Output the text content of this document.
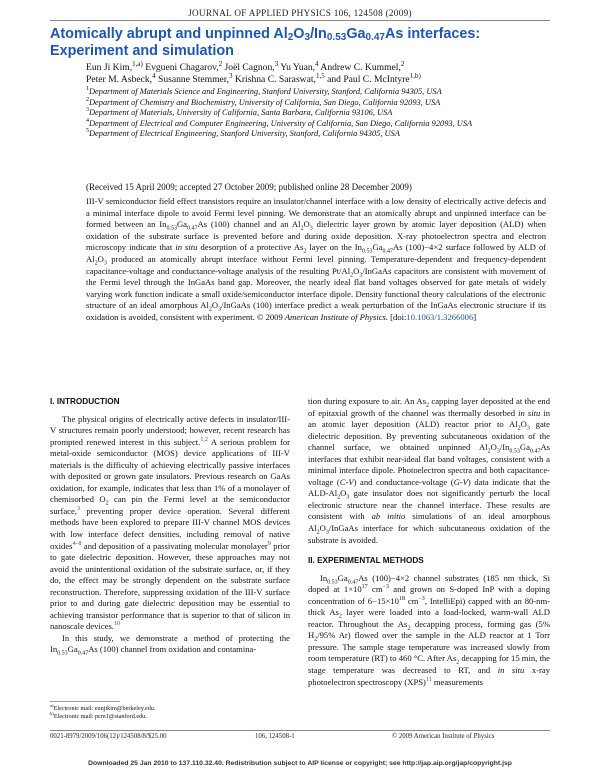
JOURNAL OF APPLIED PHYSICS 106, 124508 (2009)
Atomically abrupt and unpinned $Al_2O_3/In_{0.53}Ga_{0.47}As$ interfaces: Experiment and simulation
Eun Ji Kim,$^{1,a)}$ Evgueni Chagarov,$^2$ Joël Cagnon,$^3$ Yu Yuan,$^4$ Andrew C. Kummel,$^2$
Peter M. Asbeck,$^4$ Susanne Stemmer,$^3$ Krishna C. Saraswat,$^{1,5}$ and Paul C. McIntyre$^{1,b)}$
$^1$Department of Materials Science and Engineering, Stanford University, Stanford, California 94305, USA
$^2$Department of Chemistry and Biochemistry, University of California, San Diego, California 92093, USA
$^3$Department of Materials, University of California, Santa Barbara, California 93106, USA
$^4$Department of Electrical and Computer Engineering, University of California, San Diego, California 92093, USA
$^5$Department of Electrical Engineering, Stanford University, Stanford, California 94305, USA
(Received 15 April 2009; accepted 27 October 2009; published online 28 December 2009)
III-V semiconductor field effect transistors require an insulator/channel interface with a low density of electrically active defects and a minimal interface dipole to avoid Fermi level pinning. We demonstrate that an atomically abrupt and unpinned interface can be formed between an $In_{0.53}Ga_{0.47}As$ (100) channel and an $Al_2O_3$ dielectric layer grown by atomic layer deposition (ALD) when oxidation of the substrate surface is prevented before and during oxide deposition. X-ray photoelectron spectra and electron microscopy indicate that in situ desorption of a protective $As_2$ layer on the $In_{0.53}Ga_{0.47}As$ (100)−4×2 surface followed by ALD of $Al_2O_3$ produced an atomically abrupt interface without Fermi level pinning. Temperature-dependent and frequency-dependent capacitance-voltage and conductance-voltage analysis of the resulting $Pt/Al_2O_3$/InGaAs capacitors are consistent with movement of the Fermi level through the InGaAs band gap. Moreover, the nearly ideal flat band voltages observed for gate metals of widely varying work function indicate a small oxide/semiconductor interface dipole. Density functional theory calculations of the electronic structure of an ideal amorphous $Al_2O_3$/InGaAs (100) interface predict a weak perturbation of the InGaAs electronic structure if its oxidation is avoided, consistent with experiment. © 2009 American Institute of Physics. [doi:10.1063/1.3266006]
I. INTRODUCTION
The physical origins of electrically active defects in insulator/III-V structures remain poorly understood; however, recent research has prompted renewed interest in this subject.$^{1,2}$ A serious problem for metal-oxide semiconductor (MOS) device applications of III-V materials is the difficulty of achieving electrically passive interfaces with deposited or grown gate insulators. Previous research on GaAs oxidation, for example, indicates that less than 1% of a monolayer of chemisorbed $O_2$ can pin the Fermi level at the semiconductor surface,$^3$ preventing proper device operation. Several different methods have been explored to prepare III-V channel MOS devices with low interface defect densities, including removal of native oxides$^{4-8}$ and deposition of a passivating molecular monolayer$^9$ prior to gate dielectric deposition. However, these approaches may not avoid the unintentional oxidation of the substrate surface, or, if they do, the effect may be strongly dependent on the substrate surface reconstruction. Therefore, suppressing oxidation of the III-V surface prior to and during gate dielectric deposition may be essential to achieving transistor performance that is superior to that of silicon in nanoscale devices.$^{10}$
In this study, we demonstrate a method of protecting the $In_{0.53}Ga_{0.47}As$ (100) channel from oxidation and contamina-
tion during exposure to air. An $As_2$ capping layer deposited at the end of epitaxial growth of the channel was thermally desorbed in situ in an atomic layer deposition (ALD) reactor prior to $Al_2O_3$ gate dielectric deposition. By preventing subcutaneous oxidation of the channel surface, we obtained unpinned $Al_2O_3/In_{0.53}Ga_{0.47}As$ interfaces that exhibit near-ideal flat band voltages, consistent with a minimal interface dipole. Photoelectron spectra and both capacitance-voltage (C-V) and conductance-voltage (G-V) data indicate that the ALD-$Al_2O_3$ gate insulator does not significantly perturb the local electronic structure near the channel interface. These results are consistent with ab initio simulations of an ideal amorphous $Al_2O_3$/InGaAs interface for which subcutaneous oxidation of the substrate is avoided.
II. EXPERIMENTAL METHODS
$In_{0.53}Ga_{0.47}As$ (100)−4×2 channel substrates (185 nm thick, Si doped at $1\times 10^{17}$ $cm^{-3}$ and grown on S-doped InP with a doping concentration of $6-15\times 10^{18}$ $cm^{-3}$, IntelliEpi) capped with an 80-nm-thick $As_2$ layer were loaded into a load-locked, warm-wall ALD reactor. Throughout the $As_2$ decapping process, forming gas (5% $H_2/95\%$ Ar) flowed over the sample in the ALD reactor at 1 Torr pressure. The sample stage temperature was increased slowly from room temperature (RT) to 460 °C. After $As_2$ decapping for 15 min, the stage temperature was decreased to RT, and in situ x-ray photoelectron spectroscopy (XPS)$^{11}$ measurements
$^{a)}$Electronic mail: eunjikim@berkeley.edu.
$^{b)}$Electronic mail: pcm1@stanford.edu.
0021-8979/2009/106(12)/124508/8/$25.00	106, 124508-1	© 2009 American Institute of Physics
Downloaded 25 Jan 2010 to 137.110.32.40. Redistribution subject to AIP license or copyright; see http://jap.aip.org/jap/copyright.jsp
